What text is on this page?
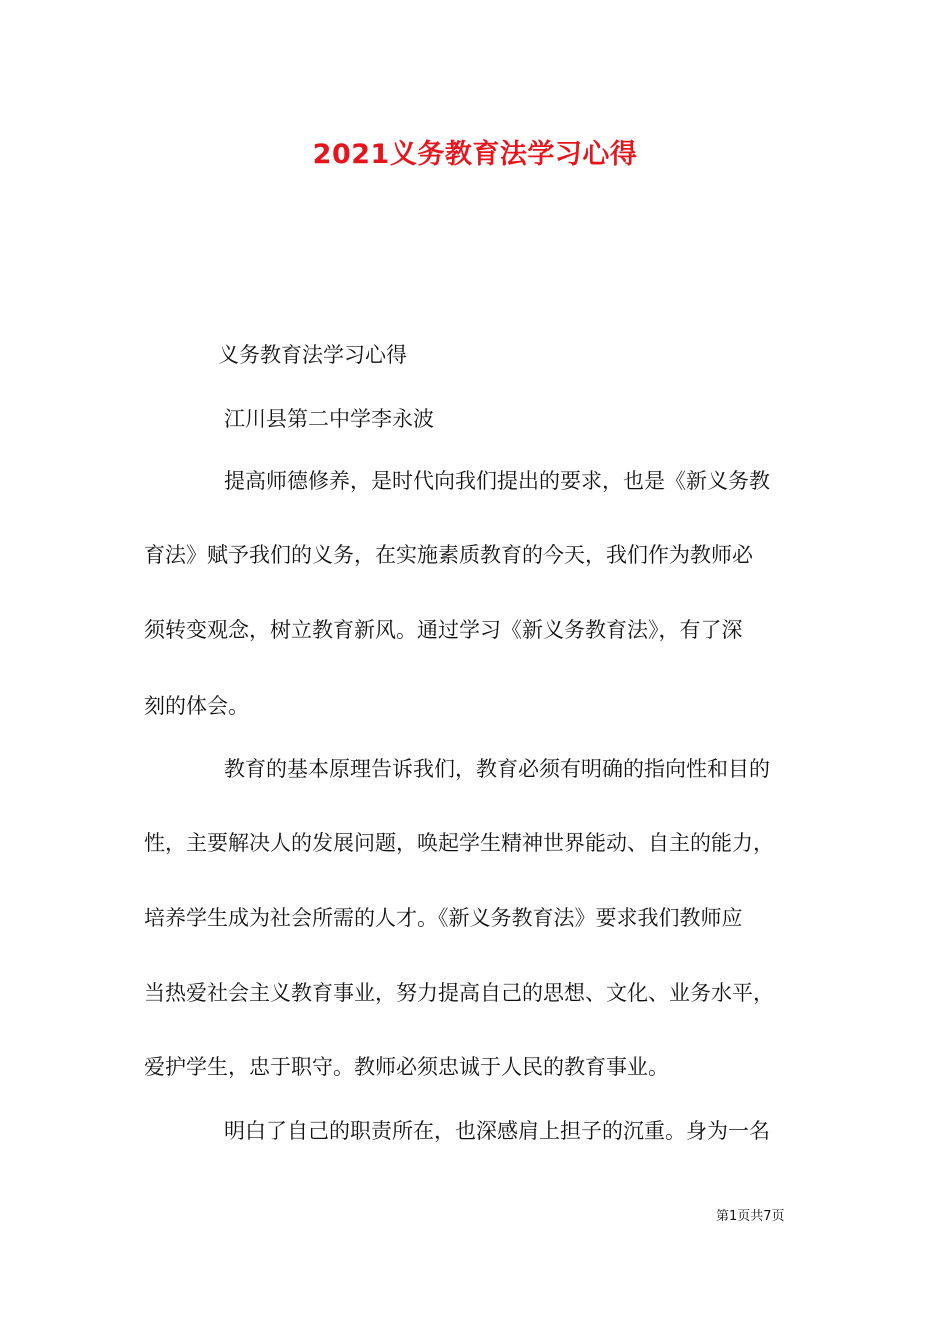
2021义务教育法学习心得

义务教育法学习心得

江川县第二中学李永波

提高师德修养，是时代向我们提出的要求，也是《新义务教

育法》赋予我们的义务，在实施素质教育的今天，我们作为教师必

须转变观念，树立教育新风。通过学习《新义务教育法》，有了深

刻的体会。

教育的基本原理告诉我们，教育必须有明确的指向性和目的

性，主要解决人的发展问题，唤起学生精神世界能动、自主的能力，

培养学生成为社会所需的人才。《新义务教育法》要求我们教师应

当热爱社会主义教育事业，努力提高自己的思想、文化、业务水平，

爱护学生，忠于职守。教师必须忠诚于人民的教育事业。

明白了自己的职责所在，也深感肩上担子的沉重。身为一名

第1页共7页
